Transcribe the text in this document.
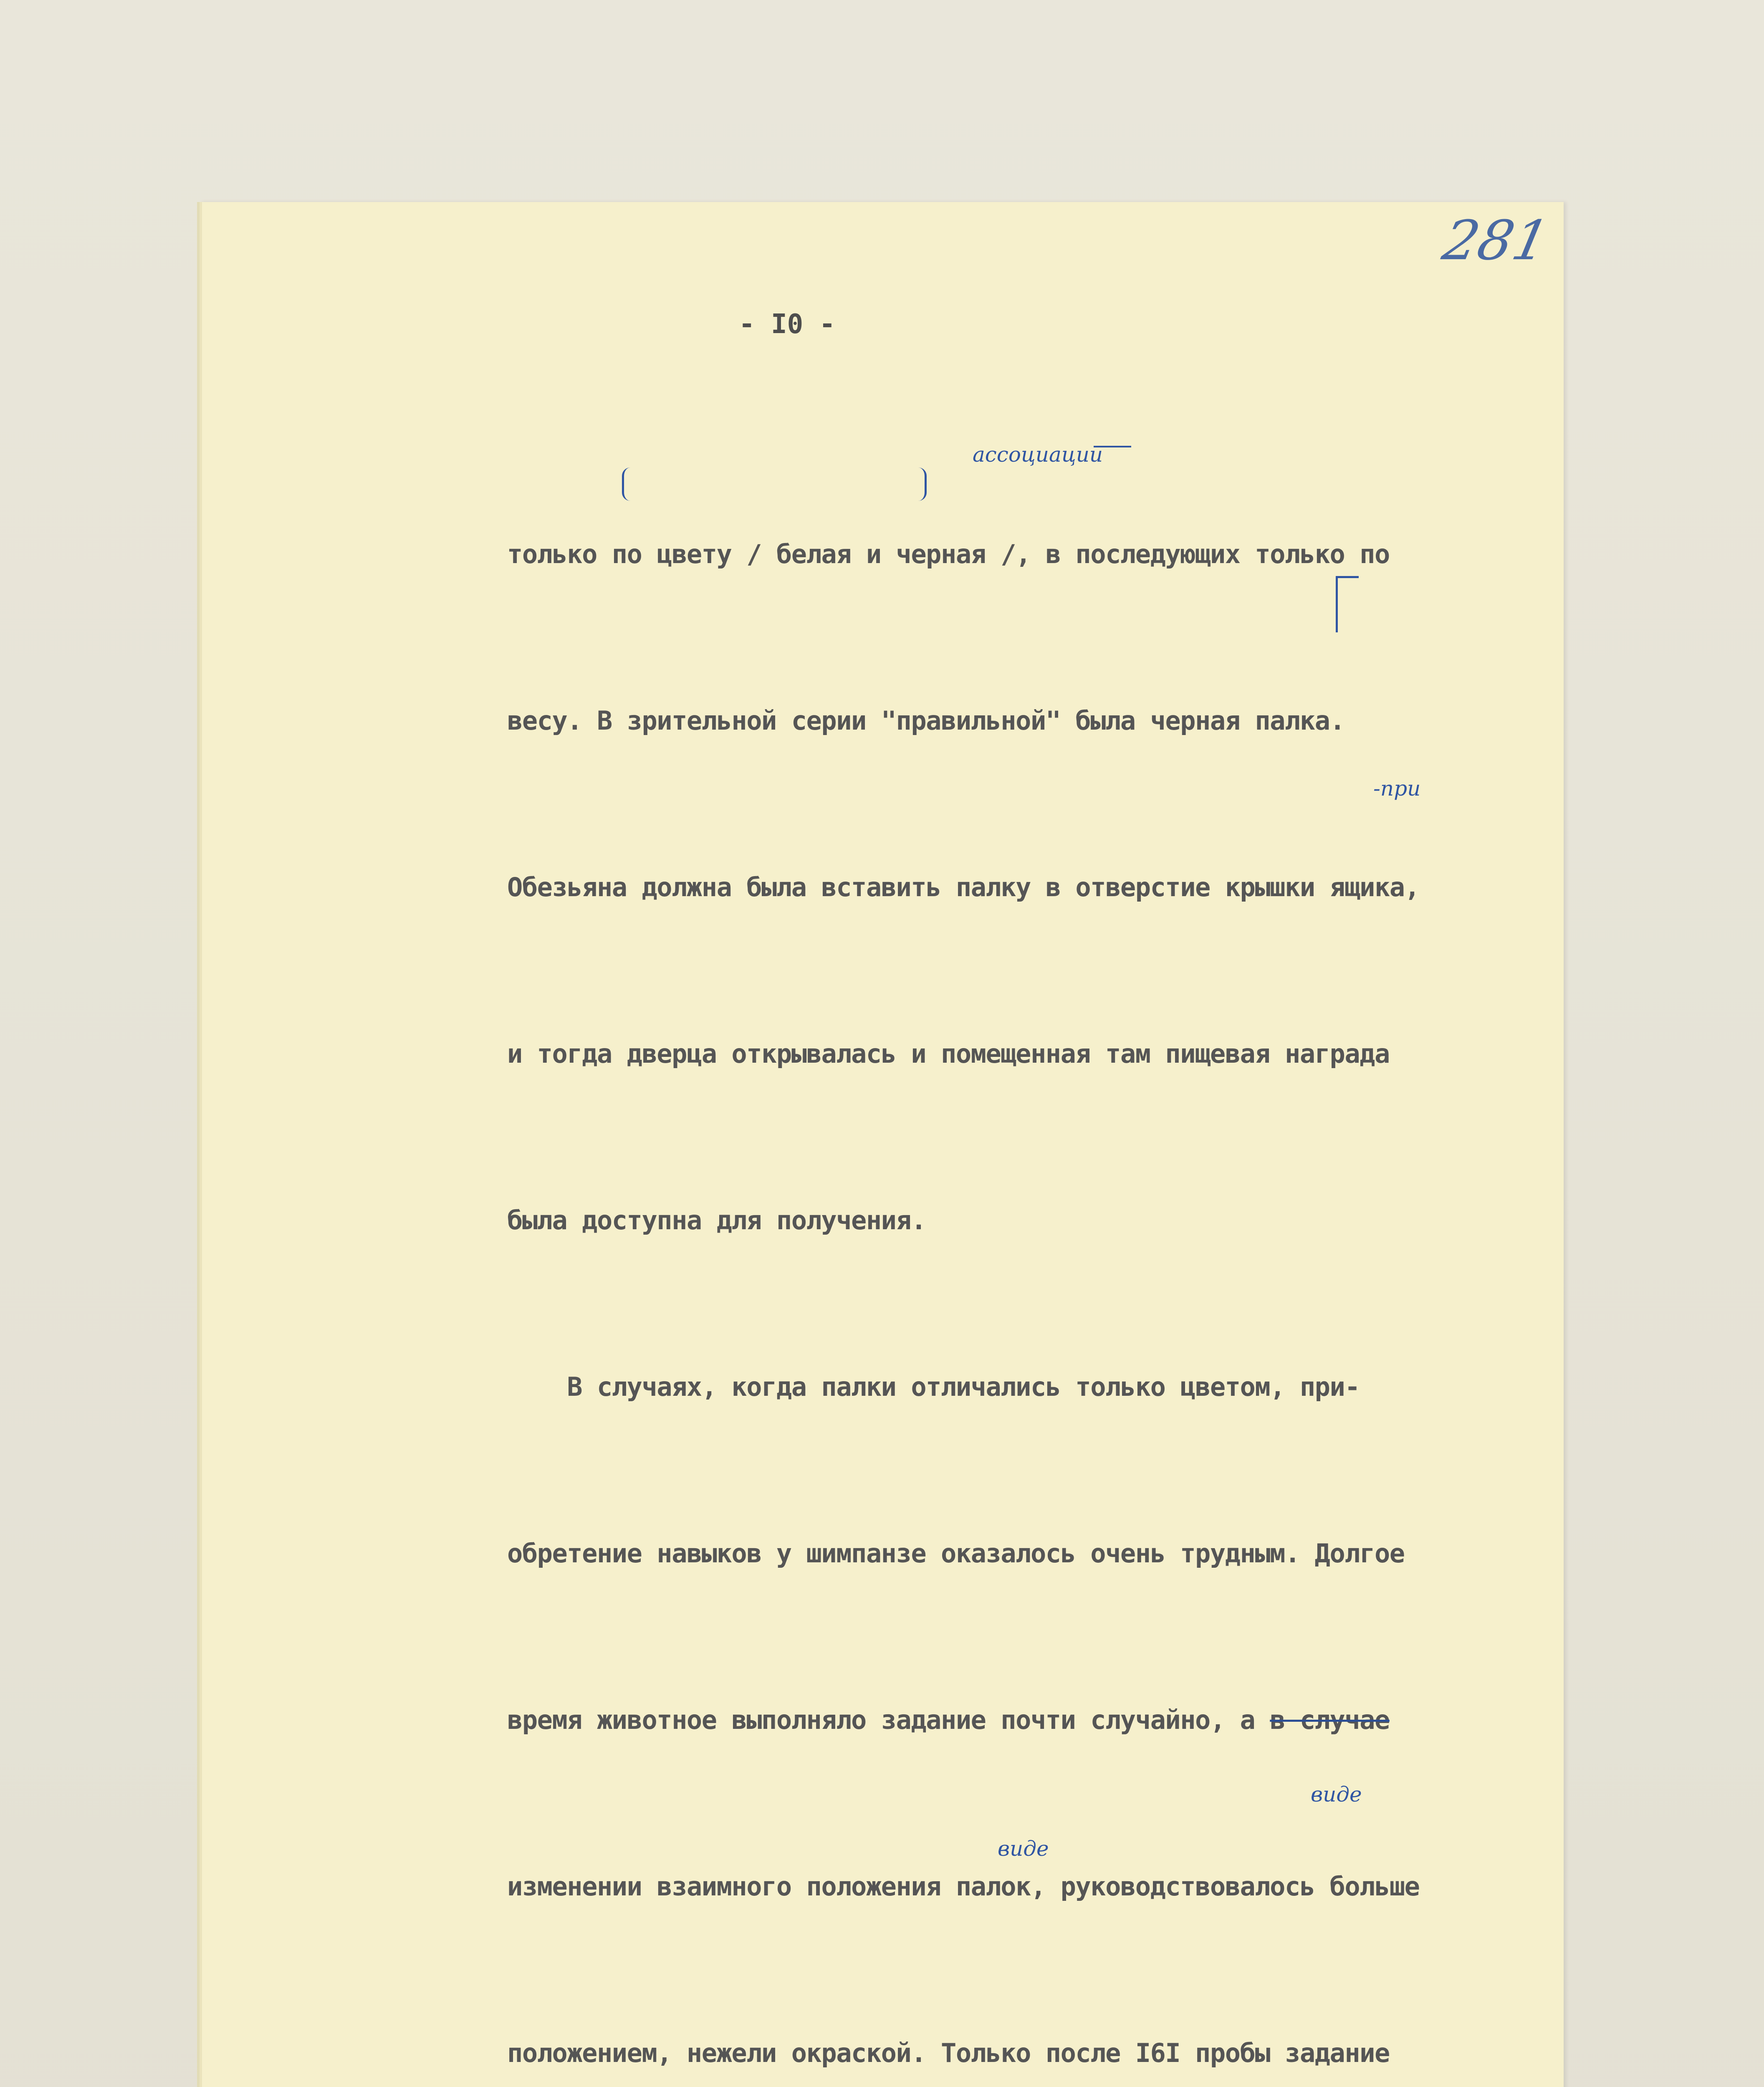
281
- I0 -

только по цвету / белая и черная /, в последующих только по

весу. В зрительной серии "правильной" была черная палка.

Обезьяна должна была вставить палку в отверстие крышки ящика,

и тогда дверца открывалась и помещенная там пищевая награда

была доступна для получения.

В случаях, когда палки отличались только цветом, при-

обретение навыков у шимпанзе оказалось очень трудным. Долгое

время животное выполняло задание почти случайно, а в случае

изменении взаимного положения палок, руководствовалось больше

положением, нежели окраской. Только после I6I пробы задание

ассоциации
-при
виде
виде
